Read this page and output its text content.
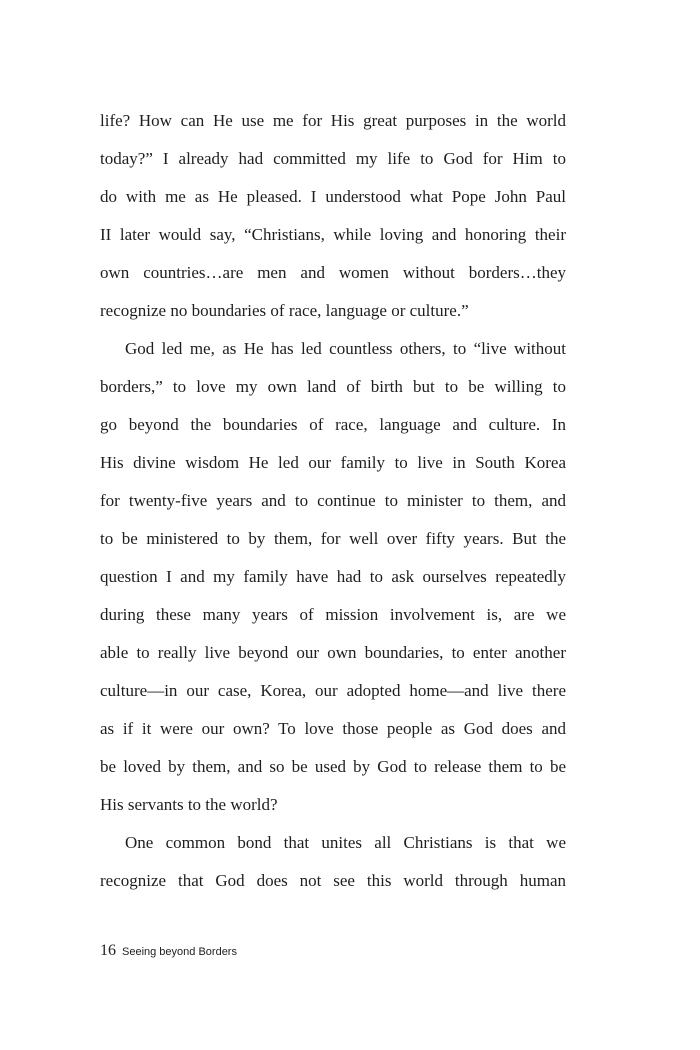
life? How can He use me for His great purposes in the world
today?” I already had committed my life to God for Him to
do with me as He pleased. I understood what Pope John Paul
II later would say, “Christians, while loving and honoring their
own countries…are men and women without borders…they
recognize no boundaries of race, language or culture.”
God led me, as He has led countless others, to “live without
borders,” to love my own land of birth but to be willing to
go beyond the boundaries of race, language and culture. In
His divine wisdom He led our family to live in South Korea
for twenty-five years and to continue to minister to them, and
to be ministered to by them, for well over fifty years. But the
question I and my family have had to ask ourselves repeatedly
during these many years of mission involvement is, are we
able to really live beyond our own boundaries, to enter another
culture—in our case, Korea, our adopted home—and live there
as if it were our own? To love those people as God does and
be loved by them, and so be used by God to release them to be
His servants to the world?
One common bond that unites all Christians is that we
recognize that God does not see this world through human
16 Seeing beyond Borders
